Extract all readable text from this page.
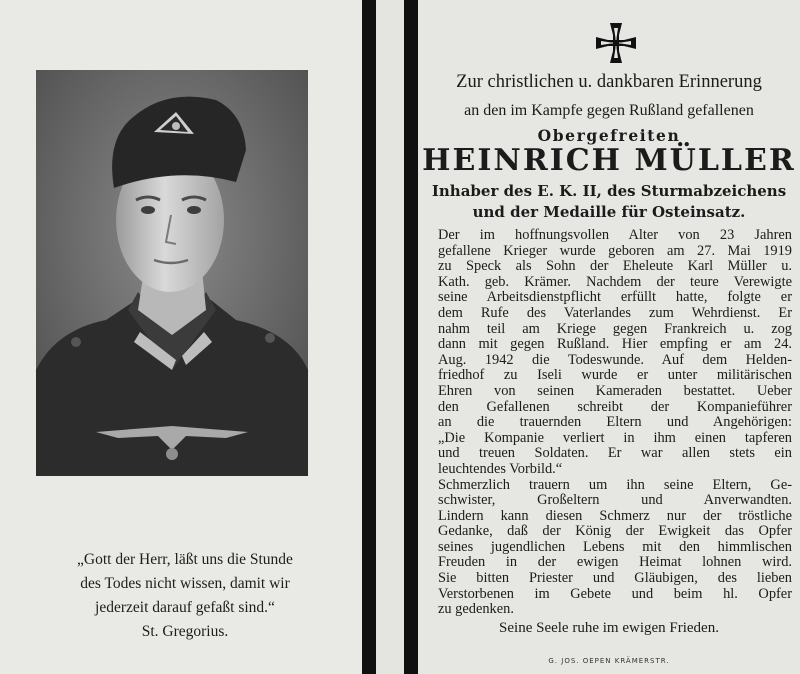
„Gott der Herr, läßt uns die Stunde
des Todes nicht wissen, damit wir
jederzeit darauf gefaßt sind.“
St. Gregorius.
Zur christlichen u. dankbaren Erinnerung
an den im Kampfe gegen Rußland gefallenen
Obergefreiten
HEINRICH MÜLLER
Inhaber des E. K. II, des Sturmabzeichens
und der Medaille für Osteinsatz.
Der im hoffnungsvollen Alter von 23 Jahren
gefallene Krieger wurde geboren am 27. Mai 1919
zu Speck als Sohn der Eheleute Karl Müller u.
Kath. geb. Krämer. Nachdem der teure Verewigte
seine Arbeitsdienstpflicht erfüllt hatte, folgte er
dem Rufe des Vaterlandes zum Wehrdienst. Er
nahm teil am Kriege gegen Frankreich u. zog
dann mit gegen Rußland. Hier empfing er am 24.
Aug. 1942 die Todeswunde. Auf dem Helden-
friedhof zu Iseli wurde er unter militärischen
Ehren von seinen Kameraden bestattet. Ueber
den Gefallenen schreibt der Kompanieführer
an die trauernden Eltern und Angehörigen:
„Die Kompanie verliert in ihm einen tapferen
und treuen Soldaten. Er war allen stets ein
leuchtendes Vorbild.“
Schmerzlich trauern um ihn seine Eltern, Ge-
schwister, Großeltern und Anverwandten.
Lindern kann diesen Schmerz nur der tröstliche
Gedanke, daß der König der Ewigkeit das Opfer
seines jugendlichen Lebens mit den himmlischen
Freuden in der ewigen Heimat lohnen wird.
Sie bitten Priester und Gläubigen, des lieben
Verstorbenen im Gebete und beim hl. Opfer
zu gedenken.
Seine Seele ruhe im ewigen Frieden.
G. JOS. OEPEN KRÄMERSTR.
